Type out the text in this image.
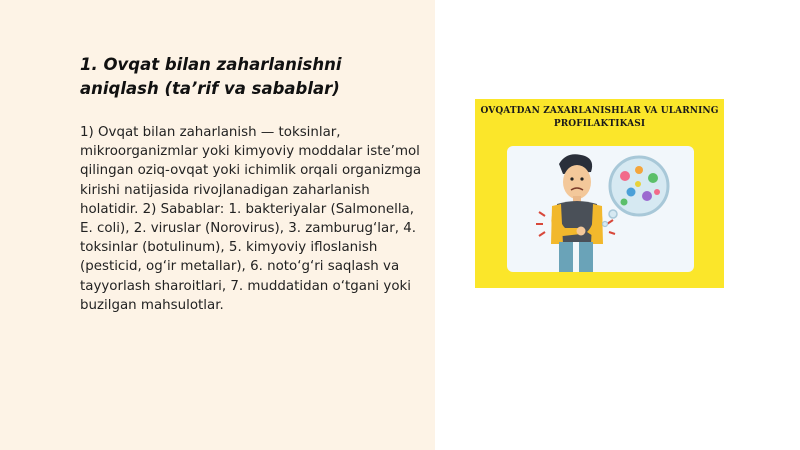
1. Ovqat bilan zaharlanishni aniqlash (ta’rif va sabablar)

1) Ovqat bilan zaharlanish — toksinlar, mikroorganizmlar yoki kimyoviy moddalar iste’mol qilingan oziq-ovqat yoki ichimlik orqali organizmga kirishi natijasida rivojlanadigan zaharlanish holatidir. 2) Sabablar: 1. bakteriyalar (Salmonella, E. coli), 2. viruslar (Norovirus), 3. zamburug‘lar, 4. toksinlar (botulinum), 5. kimyoviy ifloslanish (pesticid, og‘ir metallar), 6. noto‘g‘ri saqlash va tayyorlash sharoitlari, 7. muddatidan o‘tgani yoki buzilgan mahsulotlar.

OVQATDAN ZAXARLANISHLAR VA ULARNING
PROFILAKTIKASI
